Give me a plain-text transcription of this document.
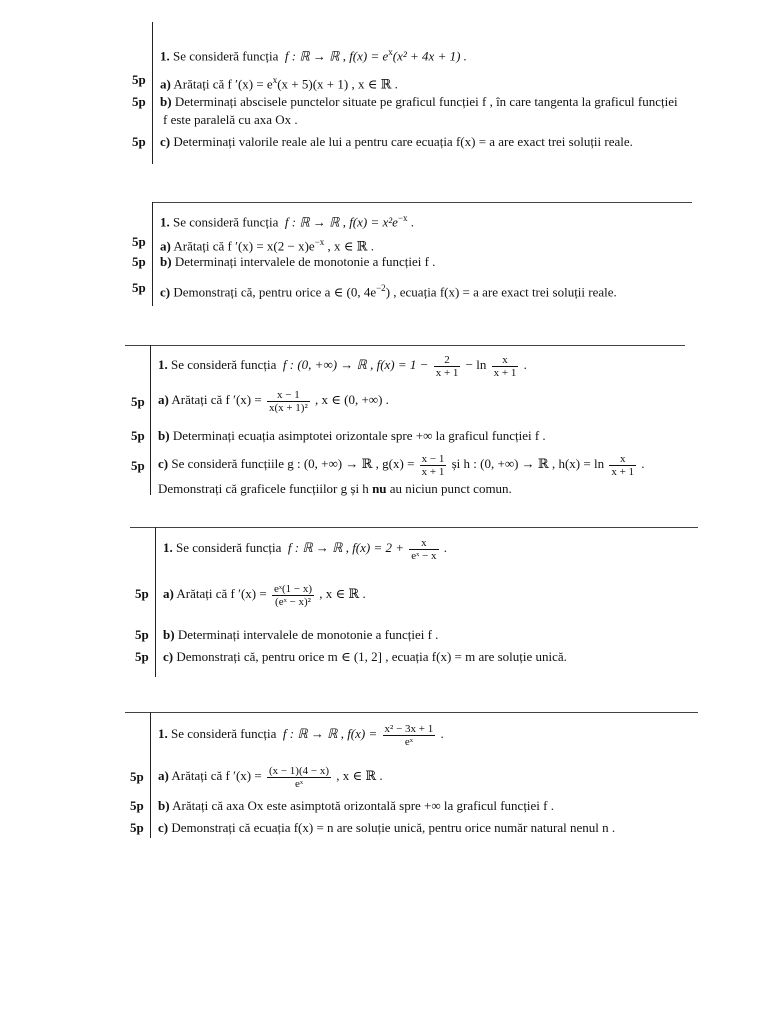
1. Se consideră funcția f : ℝ → ℝ , $f(x) = e^x(x^2 + 4x + 1)$ .
5p a) Arătați că f $'(x) = e^x(x + 5)(x + 1)$ , x ∈ ℝ .
5p b) Determinați abscisele punctelor situate pe graficul funcției f , în care tangenta la graficul funcției
f este paralelă cu axa Ox .
5p c) Determinați valorile reale ale lui a pentru care ecuația f(x) = a are exact trei soluții reale.
1. Se consideră funcția f : ℝ → ℝ , $f(x) = x^2e^{-x}$ .
5p a) Arătați că f $'(x) = x(2 - x)e^{-x}$ , x ∈ ℝ .
5p b) Determinați intervalele de monotonie a funcției f .
5p c) Demonstrați că, pentru orice a ∈ (0, $4e^{-2}$) , ecuația f(x) = a are exact trei soluții reale.
1. Se consideră funcția f : (0, +∞) → ℝ , $f(x) = 1 - \frac{2}{x + 1} - \ln \frac{x}{x + 1}$ .
5p a) Arătați că f $'(x) = \frac{x - 1}{\text{x(x + 1)²}}$ , x ∈ (0, +∞) .
5p b) Determinați ecuația asimptotei orizontale spre +∞ la graficul funcției f .
5p c) Se consideră funcțiile g : (0, +∞) → ℝ , $g(x) = \frac{x - 1}{x + 1}$ și h : (0, +∞) → ℝ , $h(x) = \ln \frac{x}{x + 1}$ .
Demonstrați că graficele funcțiilor g și h nu au niciun punct comun.
1. Se consideră funcția f : ℝ → ℝ , $f(x) = 2 + \frac{x}{\text{eˣ − x}}$ .
5p a) Arătați că f $'(x) = \frac{\text{eˣ(1 − x)}}{\text{(eˣ − x)²}}$ , x ∈ ℝ .
5p b) Determinați intervalele de monotonie a funcției f .
5p c) Demonstrați că, pentru orice m ∈ (1, 2] , ecuația f(x) = m are soluție unică.
1. Se consideră funcția f : ℝ → ℝ , $f(x) = \frac{\text{x² − 3x + 1}}{\text{eˣ}}$ .
5p a) Arătați că f $'(x) = \frac{(x - 1)(4 - x)}{\text{eˣ}}$ , x ∈ ℝ .
5p b) Arătați că axa Ox este asimptotă orizontală spre +∞ la graficul funcției f .
5p c) Demonstrați că ecuația f(x) = n are soluție unică, pentru orice număr natural nenul n .
